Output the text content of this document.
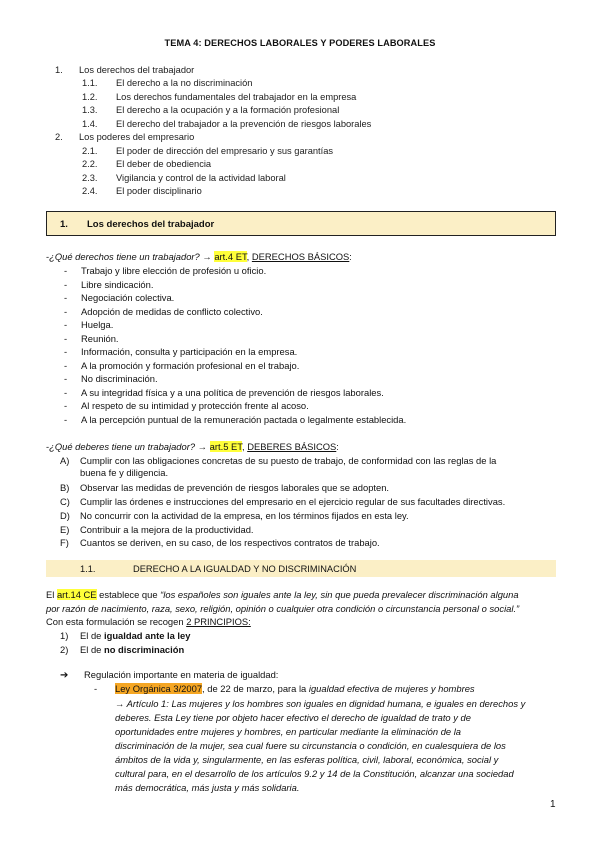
TEMA 4: DERECHOS LABORALES Y PODERES LABORALES
1. Los derechos del trabajador
1.1. El derecho a la no discriminación
1.2. Los derechos fundamentales del trabajador en la empresa
1.3. El derecho a la ocupación y a la formación profesional
1.4. El derecho del trabajador a la prevención de riesgos laborales
2. Los poderes del empresario
2.1. El poder de dirección del empresario y sus garantías
2.2. El deber de obediencia
2.3. Vigilancia y control de la actividad laboral
2.4. El poder disciplinario
1. Los derechos del trabajador
-¿Qué derechos tiene un trabajador? → art.4 ET, DERECHOS BÁSICOS:
- Trabajo y libre elección de profesión u oficio.
- Libre sindicación.
- Negociación colectiva.
- Adopción de medidas de conflicto colectivo.
- Huelga.
- Reunión.
- Información, consulta y participación en la empresa.
- A la promoción y formación profesional en el trabajo.
- No discriminación.
- A su integridad física y a una política de prevención de riesgos laborales.
- Al respeto de su intimidad y protección frente al acoso.
- A la percepción puntual de la remuneración pactada o legalmente establecida.
-¿Qué deberes tiene un trabajador? → art.5 ET, DEBERES BÁSICOS:
A) Cumplir con las obligaciones concretas de su puesto de trabajo, de conformidad con las reglas de la
buena fe y diligencia.
B) Observar las medidas de prevención de riesgos laborales que se adopten.
C) Cumplir las órdenes e instrucciones del empresario en el ejercicio regular de sus facultades directivas.
D) No concurrir con la actividad de la empresa, en los términos fijados en esta ley.
E) Contribuir a la mejora de la productividad.
F) Cuantos se deriven, en su caso, de los respectivos contratos de trabajo.
1.1.	DERECHO A LA IGUALDAD Y NO DISCRIMINACIÓN
El art.14 CE establece que “los españoles son iguales ante la ley, sin que pueda prevalecer discriminación alguna
por razón de nacimiento, raza, sexo, religión, opinión o cualquier otra condición o circunstancia personal o social.”
Con esta formulación se recogen 2 PRINCIPIOS:
1) El de igualdad ante la ley
2) El de no discriminación
➔ Regulación importante en materia de igualdad:
- Ley Orgánica 3/2007, de 22 de marzo, para la igualdad efectiva de mujeres y hombres
→ Artículo 1: Las mujeres y los hombres son iguales en dignidad humana, e iguales en derechos y
deberes. Esta Ley tiene por objeto hacer efectivo el derecho de igualdad de trato y de
oportunidades entre mujeres y hombres, en particular mediante la eliminación de la
discriminación de la mujer, sea cual fuere su circunstancia o condición, en cualesquiera de los
ámbitos de la vida y, singularmente, en las esferas política, civil, laboral, económica, social y
cultural para, en el desarrollo de los artículos 9.2 y 14 de la Constitución, alcanzar una sociedad
más democrática, más justa y más solidaria.
1
